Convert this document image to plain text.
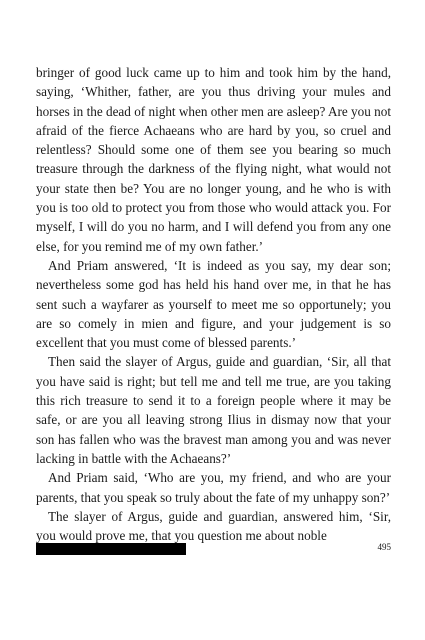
bringer of good luck came up to him and took him by the hand, saying, ‘Whither, father, are you thus driving your mules and horses in the dead of night when other men are asleep? Are you not afraid of the fierce Achaeans who are hard by you, so cruel and relentless? Should some one of them see you bearing so much treasure through the darkness of the flying night, what would not your state then be? You are no longer young, and he who is with you is too old to protect you from those who would attack you. For myself, I will do you no harm, and I will defend you from any one else, for you remind me of my own father.’

And Priam answered, ‘It is indeed as you say, my dear son; nevertheless some god has held his hand over me, in that he has sent such a wayfarer as yourself to meet me so opportunely; you are so comely in mien and figure, and your judgement is so excellent that you must come of blessed parents.’

Then said the slayer of Argus, guide and guardian, ‘Sir, all that you have said is right; but tell me and tell me true, are you taking this rich treasure to send it to a foreign people where it may be safe, or are you all leaving strong Ilius in dismay now that your son has fallen who was the bravest man among you and was never lacking in battle with the Achaeans?’

And Priam said, ‘Who are you, my friend, and who are your parents, that you speak so truly about the fate of my unhappy son?’

The slayer of Argus, guide and guardian, answered him, ‘Sir, you would prove me, that you question me about noble

495
